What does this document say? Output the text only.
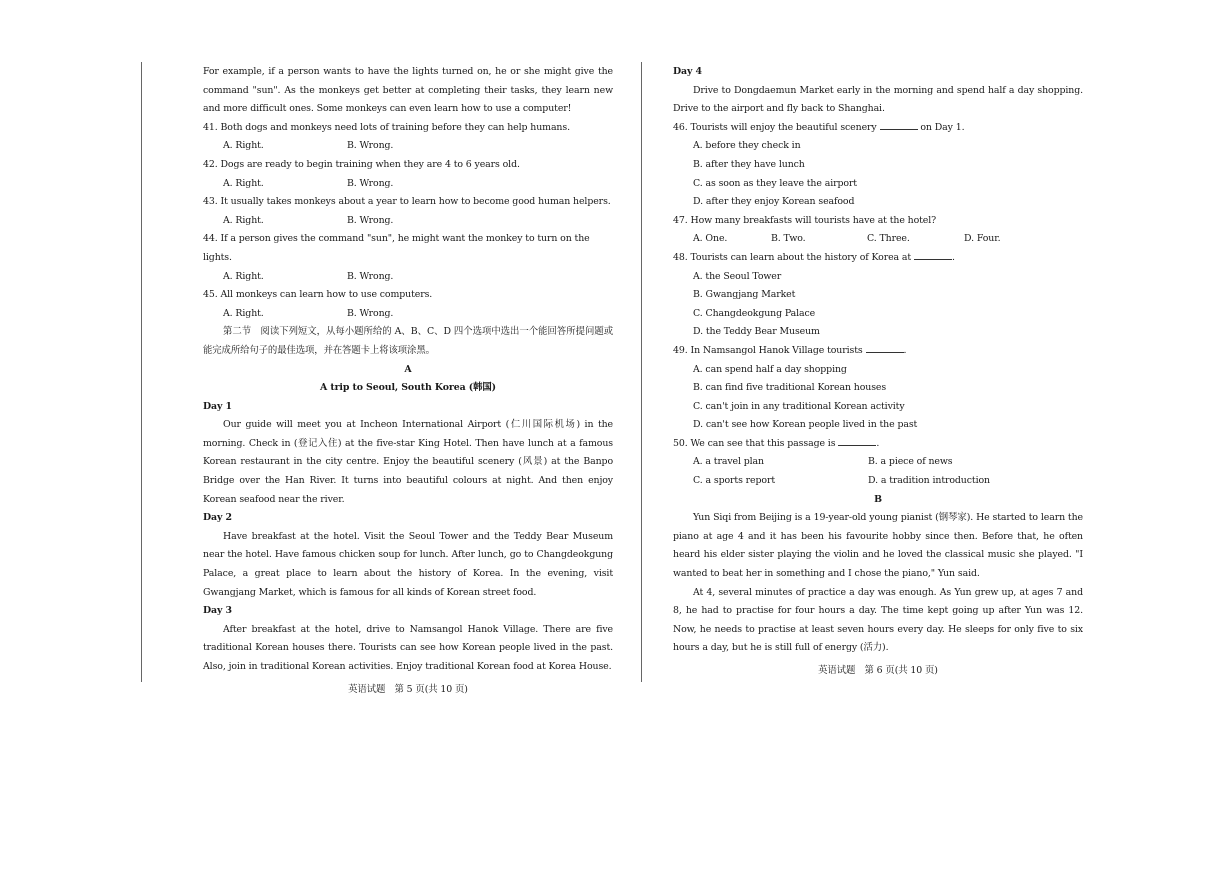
For example, if a person wants to have the lights turned on, he or she might give the command "sun". As the monkeys get better at completing their tasks, they learn new and more difficult ones. Some monkeys can even learn how to use a computer!

41. Both dogs and monkeys need lots of training before they can help humans.
A. Right.	B. Wrong.
42. Dogs are ready to begin training when they are 4 to 6 years old.
A. Right.	B. Wrong.
43. It usually takes monkeys about a year to learn how to become good human helpers.
A. Right.	B. Wrong.
44. If a person gives the command "sun", he might want the monkey to turn on the lights.
A. Right.	B. Wrong.
45. All monkeys can learn how to use computers.
A. Right.	B. Wrong.

第二节　阅读下列短文，从每小题所给的 A、B、C、D 四个选项中选出一个能回答所提问题或能完成所给句子的最佳选项，并在答题卡上将该项涂黑。

A
A trip to Seoul, South Korea (韩国)
Day 1

Our guide will meet you at Incheon International Airport (仁川国际机场) in the morning. Check in (登记入住) at the five-star King Hotel. Then have lunch at a famous Korean restaurant in the city centre. Enjoy the beautiful scenery (风景) at the Banpo Bridge over the Han River. It turns into beautiful colours at night. And then enjoy Korean seafood near the river.

Day 2

Have breakfast at the hotel. Visit the Seoul Tower and the Teddy Bear Museum near the hotel. Have famous chicken soup for lunch. After lunch, go to Changdeokgung Palace, a great place to learn about the history of Korea. In the evening, visit Gwangjang Market, which is famous for all kinds of Korean street food.

Day 3

After breakfast at the hotel, drive to Namsangol Hanok Village. There are five traditional Korean houses there. Tourists can see how Korean people lived in the past. Also, join in traditional Korean activities. Enjoy traditional Korean food at Korea House.

英语试题　第 5 页(共 10 页)
Day 4

Drive to Dongdaemun Market early in the morning and spend half a day shopping. Drive to the airport and fly back to Shanghai.

46. Tourists will enjoy the beautiful scenery	on Day 1.
A. before they check in
B. after they have lunch
C. as soon as they leave the airport
D. after they enjoy Korean seafood
47. How many breakfasts will tourists have at the hotel?
A. One.	B. Two.	C. Three.	D. Four.
48. Tourists can learn about the history of Korea at	.
A. the Seoul Tower
B. Gwangjang Market
C. Changdeokgung Palace
D. the Teddy Bear Museum
49. In Namsangol Hanok Village tourists	.
A. can spend half a day shopping
B. can find five traditional Korean houses
C. can't join in any traditional Korean activity
D. can't see how Korean people lived in the past
50. We can see that this passage is	.
A. a travel plan	B. a piece of news
C. a sports report	D. a tradition introduction
B

Yun Siqi from Beijing is a 19-year-old young pianist (钢琴家). He started to learn the piano at age 4 and it has been his favourite hobby since then. Before that, he often heard his elder sister playing the violin and he loved the classical music she played. "I wanted to beat her in something and I chose the piano," Yun said.

At 4, several minutes of practice a day was enough. As Yun grew up, at ages 7 and 8, he had to practise for four hours a day. The time kept going up after Yun was 12. Now, he needs to practise at least seven hours every day. He sleeps for only five to six hours a day, but he is still full of energy (活力).

英语试题　第 6 页(共 10 页)
